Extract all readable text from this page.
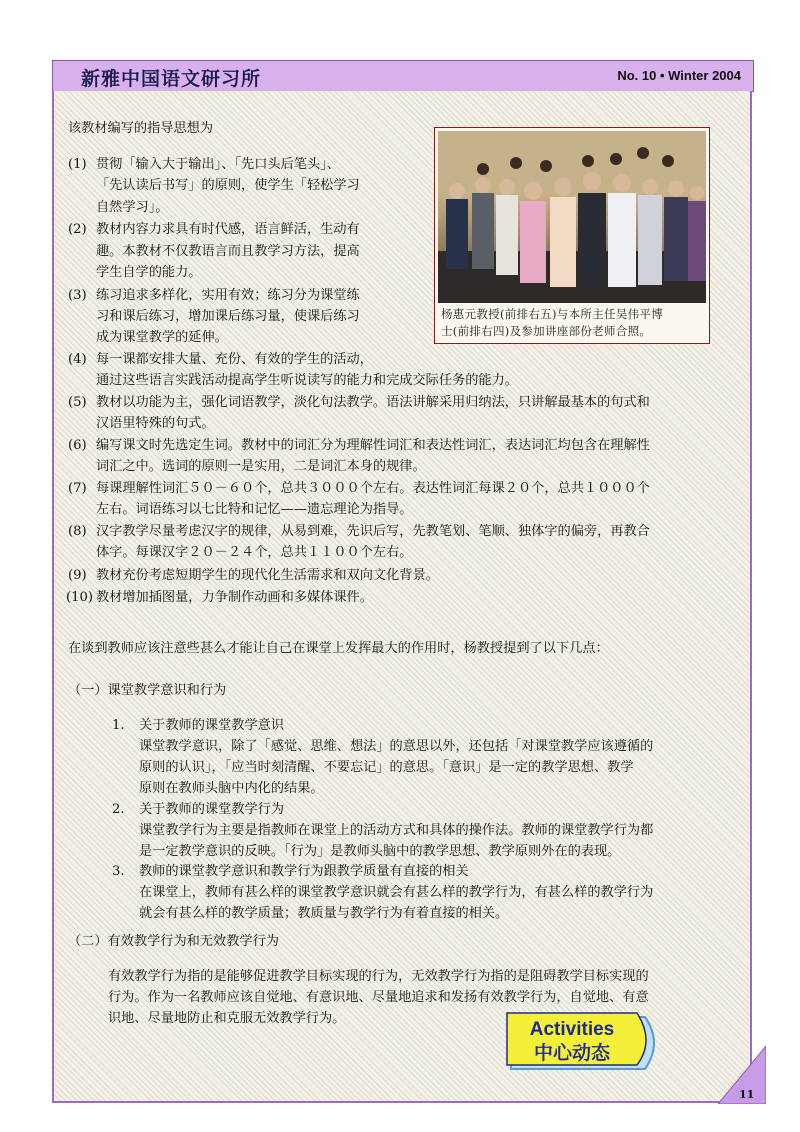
新雅中国语文研习所	No. 10 • Winter 2004
该教材编写的指导思想为
(1) 贯彻「输入大于输出」、「先口头后笔头」、
「先认读后书写」的原则，使学生「轻松学习
自然学习」。
(2) 教材内容力求具有时代感，语言鲜活，生动有
趣。本教材不仅教语言而且教学习方法，提高
学生自学的能力。
(3) 练习追求多样化，实用有效；练习分为课堂练
习和课后练习，增加课后练习量，使课后练习
成为课堂教学的延伸。
(4) 每一课都安排大量、充份、有效的学生的活动，
通过这些语言实践活动提高学生听说读写的能力和完成交际任务的能力。
(5) 教材以功能为主，强化词语教学，淡化句法教学。语法讲解采用归纳法，只讲解最基本的句式和
汉语里特殊的句式。
(6) 编写课文时先选定生词。教材中的词汇分为理解性词汇和表达性词汇，表达词汇均包含在理解性
词汇之中。选词的原则一是实用，二是词汇本身的规律。
(7) 每课理解性词汇５０－６０个，总共３０００个左右。表达性词汇每课２０个，总共１０００个
左右。词语练习以七比特和记忆——遗忘理论为指导。
(8) 汉字教学尽量考虑汉字的规律，从易到难，先识后写，先教笔划、笔顺、独体字的偏旁，再教合
体字。每课汉字２０－２４个，总共１１００个左右。
(9) 教材充份考虑短期学生的现代化生活需求和双向文化背景。
(10) 教材增加插图量，力争制作动画和多媒体课件。
杨惠元教授(前排右五)与本所主任吴伟平博
士(前排右四)及参加讲座部份老师合照。
在谈到教师应该注意些甚么才能让自己在课堂上发挥最大的作用时，杨教授提到了以下几点：
（一）课堂教学意识和行为
1. 关于教师的课堂教学意识
课堂教学意识，除了「感觉、思维、想法」的意思以外，还包括「对课堂教学应该遵循的
原则的认识」，「应当时刻清醒、不要忘记」的意思。「意识」是一定的教学思想、教学
原则在教师头脑中内化的结果。
2. 关于教师的课堂教学行为
课堂教学行为主要是指教师在课堂上的活动方式和具体的操作法。教师的课堂教学行为都
是一定教学意识的反映。「行为」是教师头脑中的教学思想、教学原则外在的表现。
3. 教师的课堂教学意识和教学行为跟教学质量有直接的相关
在课堂上，教师有甚么样的课堂教学意识就会有甚么样的教学行为，有甚么样的教学行为
就会有甚么样的教学质量；教质量与教学行为有着直接的相关。
（二）有效教学行为和无效教学行为
有效教学行为指的是能够促进教学目标实现的行为，无效教学行为指的是阻碍教学目标实现的
行为。作为一名教师应该自觉地、有意识地、尽量地追求和发扬有效教学行为，自觉地、有意
识地、尽量地防止和克服无效教学行为。
Activities
中心动态
11
